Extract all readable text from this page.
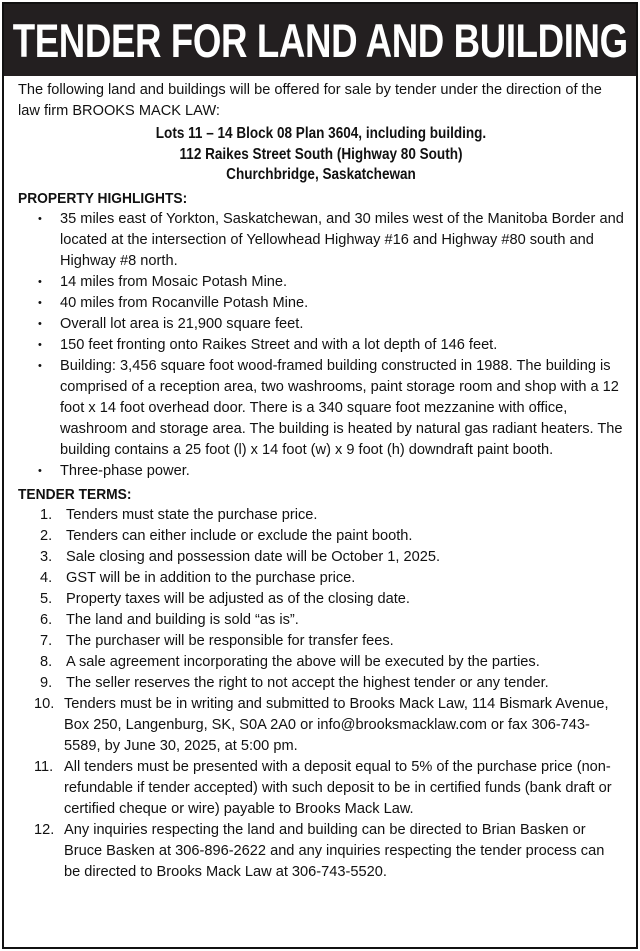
TENDER FOR LAND AND BUILDING

The following land and buildings will be offered for sale by tender under the direction of the law firm BROOKS MACK LAW:

Lots 11 – 14 Block 08 Plan 3604, including building.
112 Raikes Street South (Highway 80 South)
Churchbridge, Saskatchewan
PROPERTY HIGHLIGHTS:
• 35 miles east of Yorkton, Saskatchewan, and 30 miles west of the Manitoba Border and located at the intersection of Yellowhead Highway #16 and Highway #80 south and Highway #8 north.
• 14 miles from Mosaic Potash Mine.
• 40 miles from Rocanville Potash Mine.
• Overall lot area is 21,900 square feet.
• 150 feet fronting onto Raikes Street and with a lot depth of 146 feet.
• Building: 3,456 square foot wood-framed building constructed in 1988. The building is comprised of a reception area, two washrooms, paint storage room and shop with a 12 foot x 14 foot overhead door. There is a 340 square foot mezzanine with office, washroom and storage area. The building is heated by natural gas radiant heaters. The building contains a 25 foot (l) x 14 foot (w) x 9 foot (h) downdraft paint booth.
• Three-phase power.
TENDER TERMS:
1. Tenders must state the purchase price.
2. Tenders can either include or exclude the paint booth.
3. Sale closing and possession date will be October 1, 2025.
4. GST will be in addition to the purchase price.
5. Property taxes will be adjusted as of the closing date.
6. The land and building is sold “as is”.
7. The purchaser will be responsible for transfer fees.
8. A sale agreement incorporating the above will be executed by the parties.
9. The seller reserves the right to not accept the highest tender or any tender.
10. Tenders must be in writing and submitted to Brooks Mack Law, 114 Bismark Avenue, Box 250, Langenburg, SK, S0A 2A0 or info@brooksmacklaw.com or fax 306-743-5589, by June 30, 2025, at 5:00 pm.
11. All tenders must be presented with a deposit equal to 5% of the purchase price (non-refundable if tender accepted) with such deposit to be in certified funds (bank draft or certified cheque or wire) payable to Brooks Mack Law.
12. Any inquiries respecting the land and building can be directed to Brian Basken or Bruce Basken at 306-896-2622 and any inquiries respecting the tender process can be directed to Brooks Mack Law at 306-743-5520.
